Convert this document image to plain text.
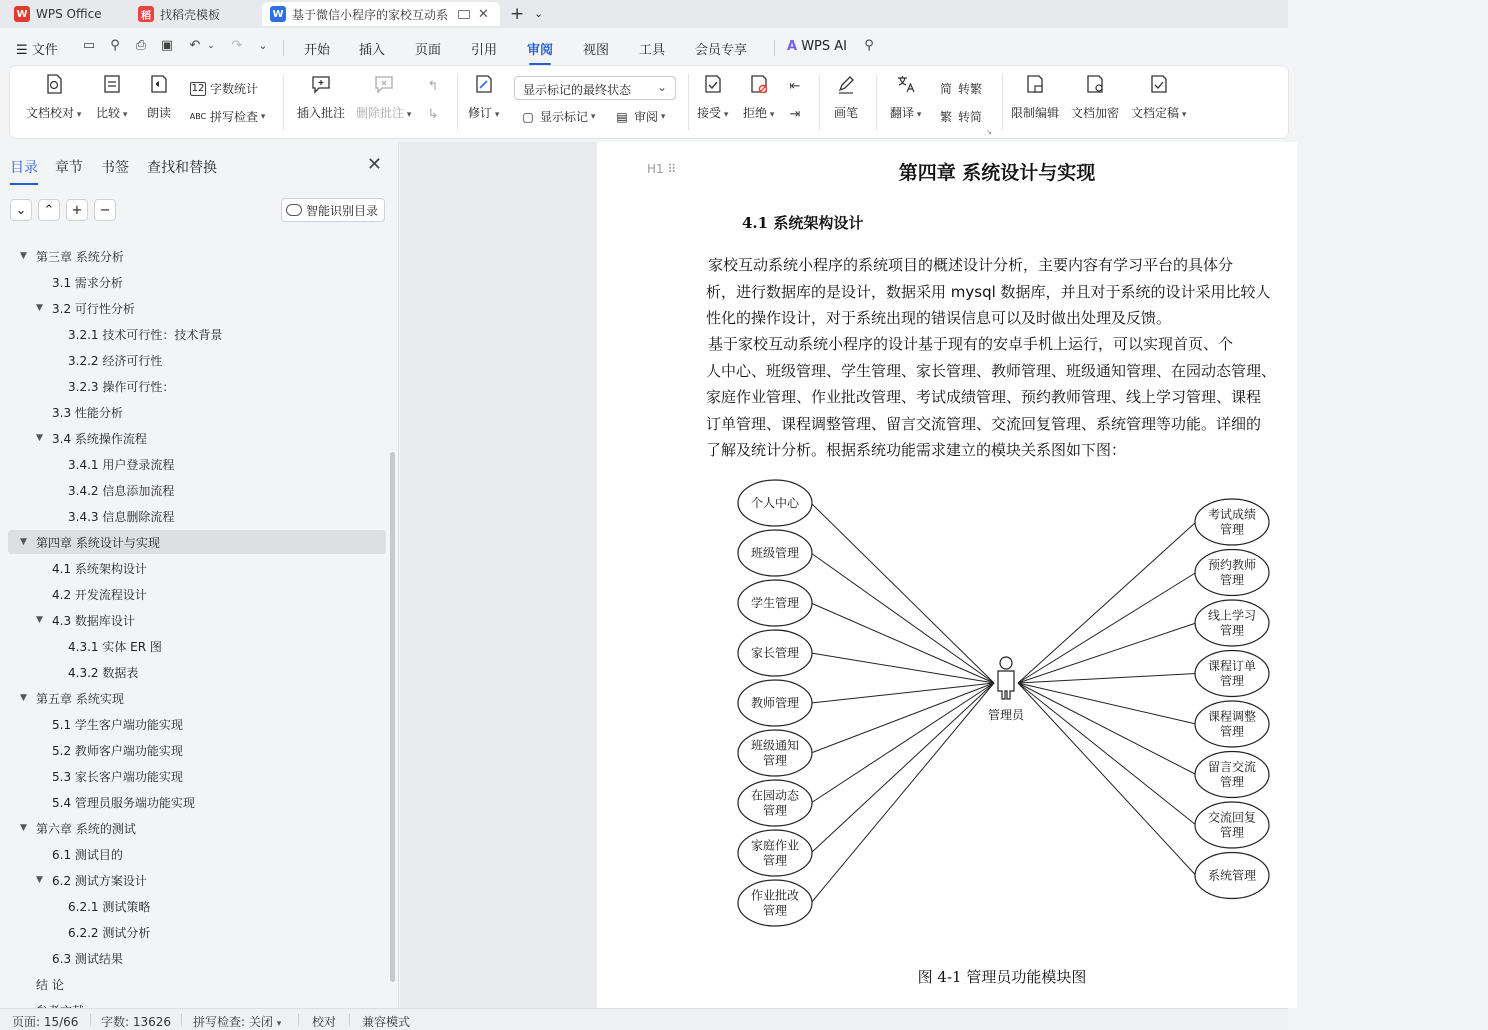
W WPS Office	稻 找稻壳模板	W 基于微信小程序的家校互动系	✕ + ⌄
☰ 文件 ▭ ⚲ ⎙ ▣ ↶ ⌄ ↷ ⌄	开始 插入 页面 引用 审阅 视图 工具 会员专享	A WPS AI ⚲
文档校对 ▾ 比较 ▾ 朗读
12 字数统计
ABC 拼写检查 ▾	插入批注 删除批注 ▾
↰
↳ 修订 ▾
显示标记的最终状态 ⌄
▢ 显示标记 ▾ ▤ 审阅 ▾	接受 ▾ 拒绝 ▾
⇤
⇥	画笔	翻译 ▾
简 转繁
繁 转简 限制编辑 文档加密 文档定稿 ▾
↘
目录 章节 书签 查找和替换	✕
⌄	⌃	+	−	智能识别目录
▼ 第三章 系统分析
3.1 需求分析
▼ 3.2 可行性分析
3.2.1 技术可行性：技术背景
3.2.2 经济可行性
3.2.3 操作可行性：
3.3 性能分析
▼ 3.4 系统操作流程
3.4.1 用户登录流程
3.4.2 信息添加流程
3.4.3 信息删除流程
▼ 第四章 系统设计与实现
4.1 系统架构设计
4.2 开发流程设计
▼ 4.3 数据库设计
4.3.1 实体 ER 图
4.3.2 数据表
▼ 第五章 系统实现
5.1 学生客户端功能实现
5.2 教师客户端功能实现
5.3 家长客户端功能实现
5.4 管理员服务端功能实现
▼ 第六章 系统的测试
6.1 测试目的
▼ 6.2 测试方案设计
6.2.1 测试策略
6.2.2 测试分析
6.3 测试结果
结 论
H1 ⠿	第四章 系统设计与实现
4.1 系统架构设计
家校互动系统小程序的系统项目的概述设计分析，主要内容有学习平台的具体分
析，进行数据库的是设计，数据采用 mysql 数据库，并且对于系统的设计采用比较人
性化的操作设计，对于系统出现的错误信息可以及时做出处理及反馈。
基于家校互动系统小程序的设计基于现有的安卓手机上运行，可以实现首页、个
人中心、班级管理、学生管理、家长管理、教师管理、班级通知管理、在园动态管理、
家庭作业管理、作业批改管理、考试成绩管理、预约教师管理、线上学习管理、课程
订单管理、课程调整管理、留言交流管理、交流回复管理、系统管理等功能。详细的
了解及统计分析。根据系统功能需求建立的模块关系图如下图：
个人中心
班级管理
学生管理
家长管理
教师管理
班级通知
管理
在园动态
管理
家庭作业
管理
作业批改
管理
考试成绩
管理
预约教师
管理
线上学习
管理
课程订单
管理
课程调整
管理
留言交流
管理
交流回复
管理
系统管理
管理员
图 4-1 管理员功能模块图
页面: 15/66 字数: 13626 拼写检查: 关闭 ▾	校对 兼容模式
